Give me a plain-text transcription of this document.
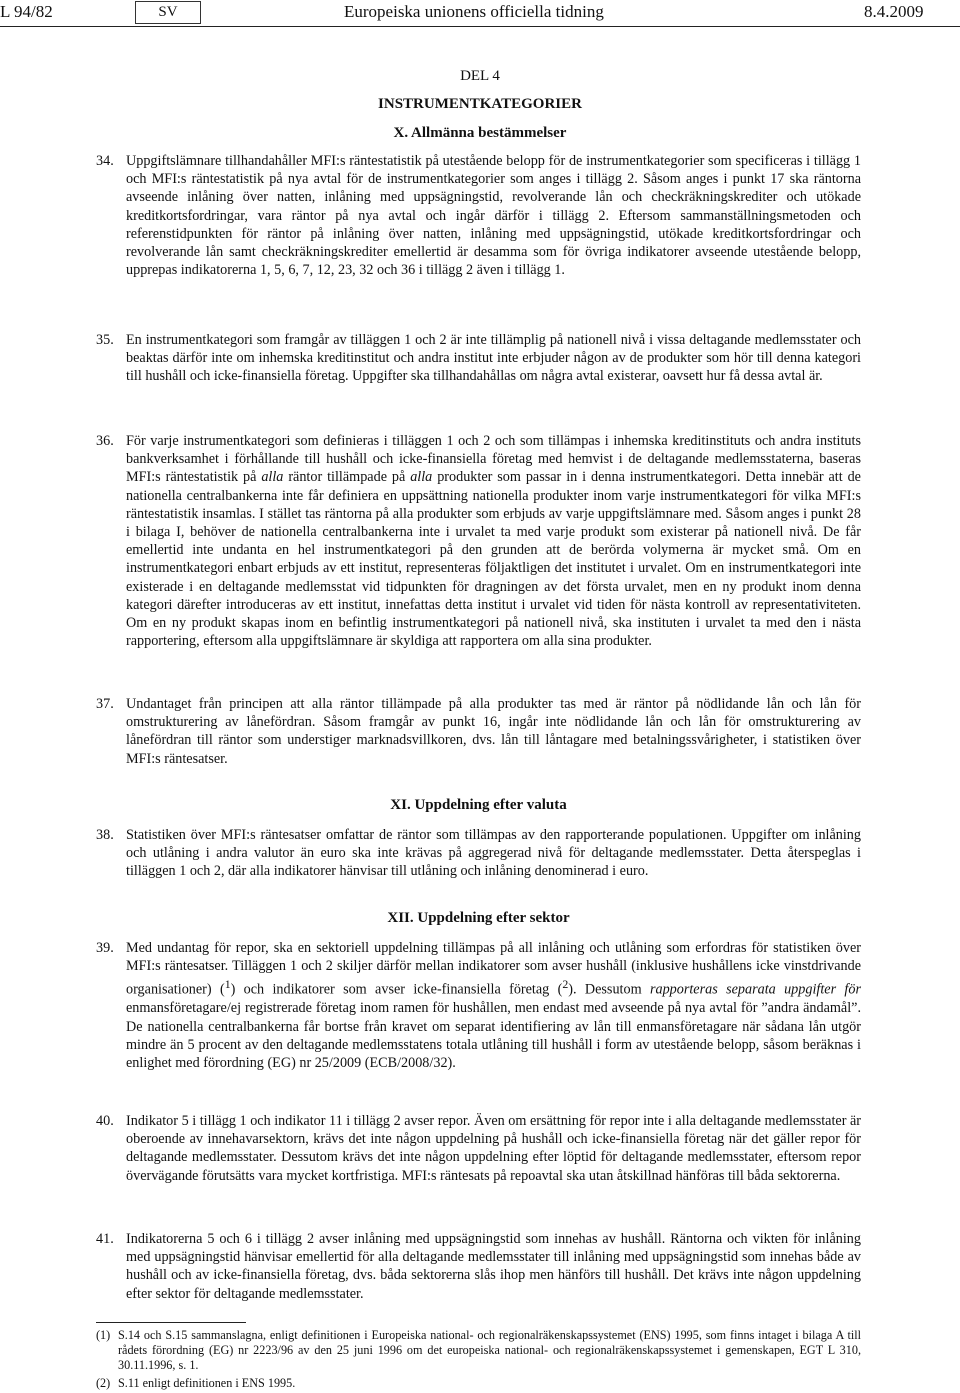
L 94/82	SV	Europeiska unionens officiella tidning	8.4.2009
DEL 4
INSTRUMENTKATEGORIER
X. Allmänna bestämmelser
34. Uppgiftslämnare tillhandahåller MFI:s räntestatistik på utestående belopp för de instrumentkategorier som specificeras i tillägg 1 och MFI:s räntestatistik på nya avtal för de instrumentkategorier som anges i tillägg 2. Såsom anges i punkt 17 ska räntorna avseende inlåning över natten, inlåning med uppsägningstid, revolverande lån och checkräkningskrediter och utökade kreditkortsfordringar, vara räntor på nya avtal och ingår därför i tillägg 2. Eftersom sammanställningsmetoden och referenstidpunkten för räntor på inlåning över natten, inlåning med uppsägningstid, utökade kreditkortsfordringar och revolverande lån samt checkräkningskrediter emellertid är desamma som för övriga indikatorer avseende utestående belopp, upprepas indikatorerna 1, 5, 6, 7, 12, 23, 32 och 36 i tillägg 2 även i tillägg 1.
35. En instrumentkategori som framgår av tilläggen 1 och 2 är inte tillämplig på nationell nivå i vissa deltagande medlemsstater och beaktas därför inte om inhemska kreditinstitut och andra institut inte erbjuder någon av de produkter som hör till denna kategori till hushåll och icke-finansiella företag. Uppgifter ska tillhandahållas om några avtal existerar, oavsett hur få dessa avtal är.
36. För varje instrumentkategori som definieras i tilläggen 1 och 2 och som tillämpas i inhemska kreditinstituts och andra instituts bankverksamhet i förhållande till hushåll och icke-finansiella företag med hemvist i de deltagande medlemsstaterna, baseras MFI:s räntestatistik på alla räntor tillämpade på alla produkter som passar in i denna instrumentkategori. Detta innebär att de nationella centralbankerna inte får definiera en uppsättning nationella produkter inom varje instrumentkategori för vilka MFI:s räntestatistik insamlas. I stället tas räntorna på alla produkter som erbjuds av varje uppgiftslämnare med. Såsom anges i punkt 28 i bilaga I, behöver de nationella centralbankerna inte i urvalet ta med varje produkt som existerar på nationell nivå. De får emellertid inte undanta en hel instrumentkategori på den grunden att de berörda volymerna är mycket små. Om en instrumentkategori enbart erbjuds av ett institut, representeras följaktligen det institutet i urvalet. Om en instrumentkategori inte existerade i en deltagande medlemsstat vid tidpunkten för dragningen av det första urvalet, men en ny produkt inom denna kategori därefter introduceras av ett institut, innefattas detta institut i urvalet vid tiden för nästa kontroll av representativiteten. Om en ny produkt skapas inom en befintlig instrumentkategori på nationell nivå, ska instituten i urvalet ta med den i nästa rapportering, eftersom alla uppgiftslämnare är skyldiga att rapportera om alla sina produkter.
37. Undantaget från principen att alla räntor tillämpade på alla produkter tas med är räntor på nödlidande lån och lån för omstrukturering av lånefördran. Såsom framgår av punkt 16, ingår inte nödlidande lån och lån för omstrukturering av lånefördran till räntor som understiger marknadsvillkoren, dvs. lån till låntagare med betalningssvårigheter, i statistiken över MFI:s räntesatser.
XI. Uppdelning efter valuta
38. Statistiken över MFI:s räntesatser omfattar de räntor som tillämpas av den rapporterande populationen. Uppgifter om inlåning och utlåning i andra valutor än euro ska inte krävas på aggregerad nivå för deltagande medlemsstater. Detta återspeglas i tilläggen 1 och 2, där alla indikatorer hänvisar till utlåning och inlåning denominerad i euro.
XII. Uppdelning efter sektor
39. Med undantag för repor, ska en sektoriell uppdelning tillämpas på all inlåning och utlåning som erfordras för statistiken över MFI:s räntesatser. Tilläggen 1 och 2 skiljer därför mellan indikatorer som avser hushåll (inklusive hushållens icke vinstdrivande organisationer) ($^1$) och indikatorer som avser icke-finansiella företag ($^2$). Dessutom rapporteras separata uppgifter för enmansföretagare/ej registrerade företag inom ramen för hushållen, men endast med avseende på nya avtal för ”andra ändamål”. De nationella centralbankerna får bortse från kravet om separat identifiering av lån till enmansföretagare när sådana lån utgör mindre än 5 procent av den deltagande medlemsstatens totala utlåning till hushåll i form av utestående belopp, såsom beräknas i enlighet med förordning (EG) nr 25/2009 (ECB/2008/32).
40. Indikator 5 i tillägg 1 och indikator 11 i tillägg 2 avser repor. Även om ersättning för repor inte i alla deltagande medlemsstater är oberoende av innehavarsektorn, krävs det inte någon uppdelning på hushåll och icke-finansiella företag när det gäller repor för deltagande medlemsstater. Dessutom krävs det inte någon uppdelning efter löptid för deltagande medlemsstater, eftersom repor övervägande förutsätts vara mycket kortfristiga. MFI:s räntesats på repoavtal ska utan åtskillnad hänföras till båda sektorerna.
41. Indikatorerna 5 och 6 i tillägg 2 avser inlåning med uppsägningstid som innehas av hushåll. Räntorna och vikten för inlåning med uppsägningstid hänvisar emellertid för alla deltagande medlemsstater till inlåning med uppsägningstid som innehas både av hushåll och av icke-finansiella företag, dvs. båda sektorerna slås ihop men hänförs till hushåll. Det krävs inte någon uppdelning efter sektor för deltagande medlemsstater.
(1) S.14 och S.15 sammanslagna, enligt definitionen i Europeiska national- och regionalräkenskapssystemet (ENS) 1995, som finns intaget i bilaga A till rådets förordning (EG) nr 2223/96 av den 25 juni 1996 om det europeiska national- och regionalräkenskapssystemet i gemenskapen, EGT L 310, 30.11.1996, s. 1.
(2) S.11 enligt definitionen i ENS 1995.
